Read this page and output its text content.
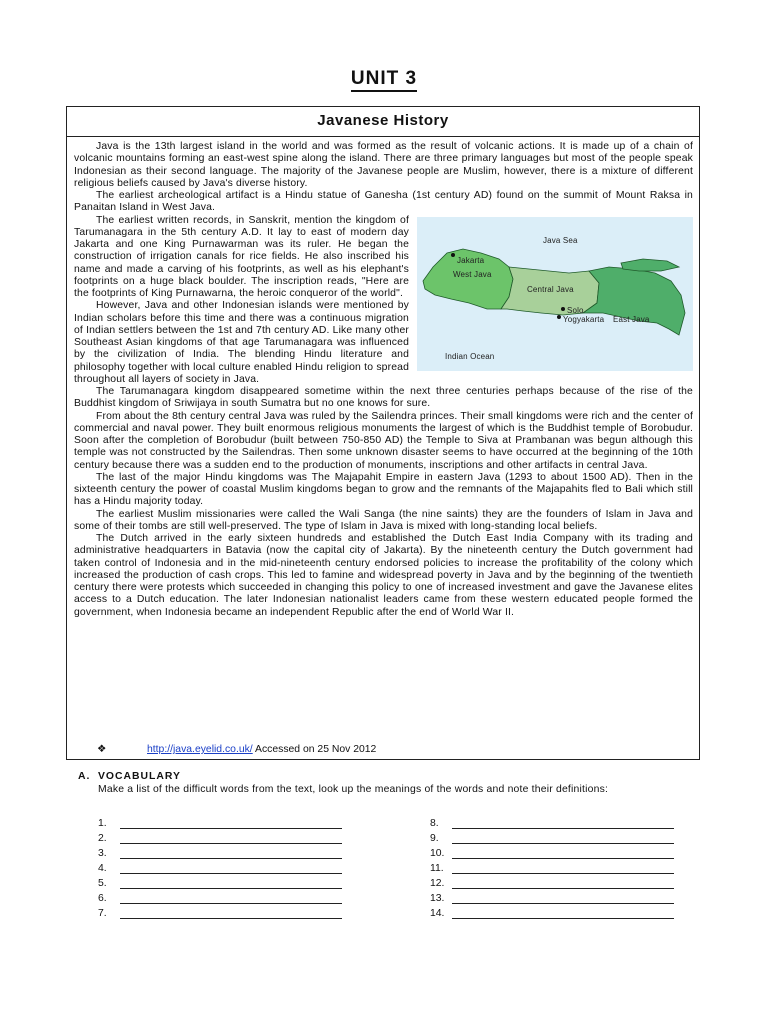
UNIT 3
Javanese History

Java is the 13th largest island in the world and was formed as the result of volcanic actions. It is made up of a chain of volcanic mountains forming an east-west spine along the island. There are three primary languages but most of the people speak Indonesian as their second language. The majority of the Javanese people are Muslim, however, there is a mixture of different religious beliefs caused by Java's diverse history.

The earliest archeological artifact is a Hindu statue of Ganesha (1st century AD) found on the summit of Mount Raksa in Panaitan Island in West Java.

Java Sea
Jakarta
West Java
Central Java
Solo
Yogyakarta East Java
Indian Ocean

The earliest written records, in Sanskrit, mention the kingdom of Tarumanagara in the 5th century A.D. It lay to east of modern day Jakarta and one King Purnawarman was its ruler. He began the construction of irrigation canals for rice fields. He also inscribed his name and made a carving of his footprints, as well as his elephant's footprints on a huge black boulder. The inscription reads, "Here are the footprints of King Purnawarna, the heroic conqueror of the world".

However, Java and other Indonesian islands were mentioned by Indian scholars before this time and there was a continuous migration of Indian settlers between the 1st and 7th century AD. Like many other Southeast Asian kingdoms of that age Tarumanagara was influenced by the civilization of India. The blending Hindu literature and philosophy together with local culture enabled Hindu religion to spread throughout all layers of society in Java.

The Tarumanagara kingdom disappeared sometime within the next three centuries perhaps because of the rise of the Buddhist kingdom of Sriwijaya in south Sumatra but no one knows for sure.

From about the 8th century central Java was ruled by the Sailendra princes. Their small kingdoms were rich and the center of commercial and naval power. They built enormous religious monuments the largest of which is the Buddhist temple of Borobudur. Soon after the completion of Borobudur (built between 750-850 AD) the Temple to Siva at Prambanan was begun although this temple was not constructed by the Sailendras. Then some unknown disaster seems to have occurred at the beginning of the 10th century because there was a sudden end to the production of monuments, inscriptions and other artifacts in central Java.

The last of the major Hindu kingdoms was The Majapahit Empire in eastern Java (1293 to about 1500 AD). Then in the sixteenth century the power of coastal Muslim kingdoms began to grow and the remnants of the Majapahits fled to Bali which still has a Hindu majority today.

The earliest Muslim missionaries were called the Wali Sanga (the nine saints) they are the founders of Islam in Java and some of their tombs are still well-preserved. The type of Islam in Java is mixed with long-standing local beliefs.

The Dutch arrived in the early sixteen hundreds and established the Dutch East India Company with its trading and administrative headquarters in Batavia (now the capital city of Jakarta). By the nineteenth century the Dutch government had taken control of Indonesia and in the mid-nineteenth century endorsed policies to increase the profitability of the colony which increased the production of cash crops. This led to famine and widespread poverty in Java and by the beginning of the twentieth century there were protests which succeeded in changing this policy to one of increased investment and gave the Javanese elites access to a Dutch education. The later Indonesian nationalist leaders came from these western educated people formed the government, when Indonesia became an independent Republic after the end of World War II.

❖	http://java.eyelid.co.uk/ Accessed on 25 Nov 2012
A. VOCABULARY
Make a list of the difficult words from the text, look up the meanings of the words and note their definitions:
1.
2.
3.
4.
5.
6.
7.
8.
9.
10.
11.
12.
13.
14.
